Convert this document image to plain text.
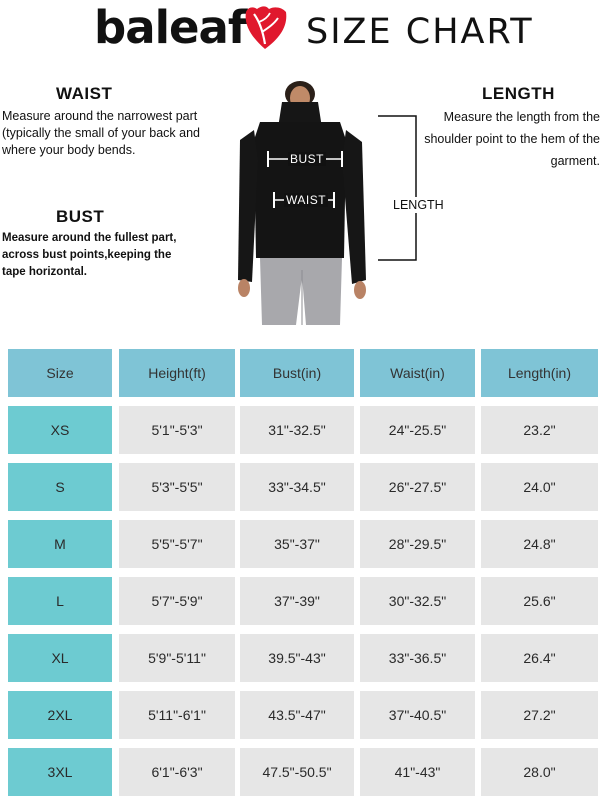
baleaf SIZE CHART
WAIST
Measure around the narrowest part (typically the small of your back and where your body bends.
BUST
Measure around the fullest part, across bust points,keeping the tape horizontal.
LENGTH
Measure the length from the shoulder point to the hem of the garment.
BUST
WAIST	LENGTH
Size	Height(ft)	Bust(in)	Waist(in)	Length(in)
XS	5'1"-5'3"	31"-32.5"	24"-25.5"	23.2"
S	5'3"-5'5"	33"-34.5"	26"-27.5"	24.0"
M	5'5"-5'7"	35"-37"	28"-29.5"	24.8"
L	5'7"-5'9"	37"-39"	30"-32.5"	25.6"
XL	5'9"-5'11"	39.5"-43"	33"-36.5"	26.4"
2XL	5'11"-6'1"	43.5"-47"	37"-40.5"	27.2"
3XL	6'1"-6'3"	47.5"-50.5"	41"-43"	28.0"
